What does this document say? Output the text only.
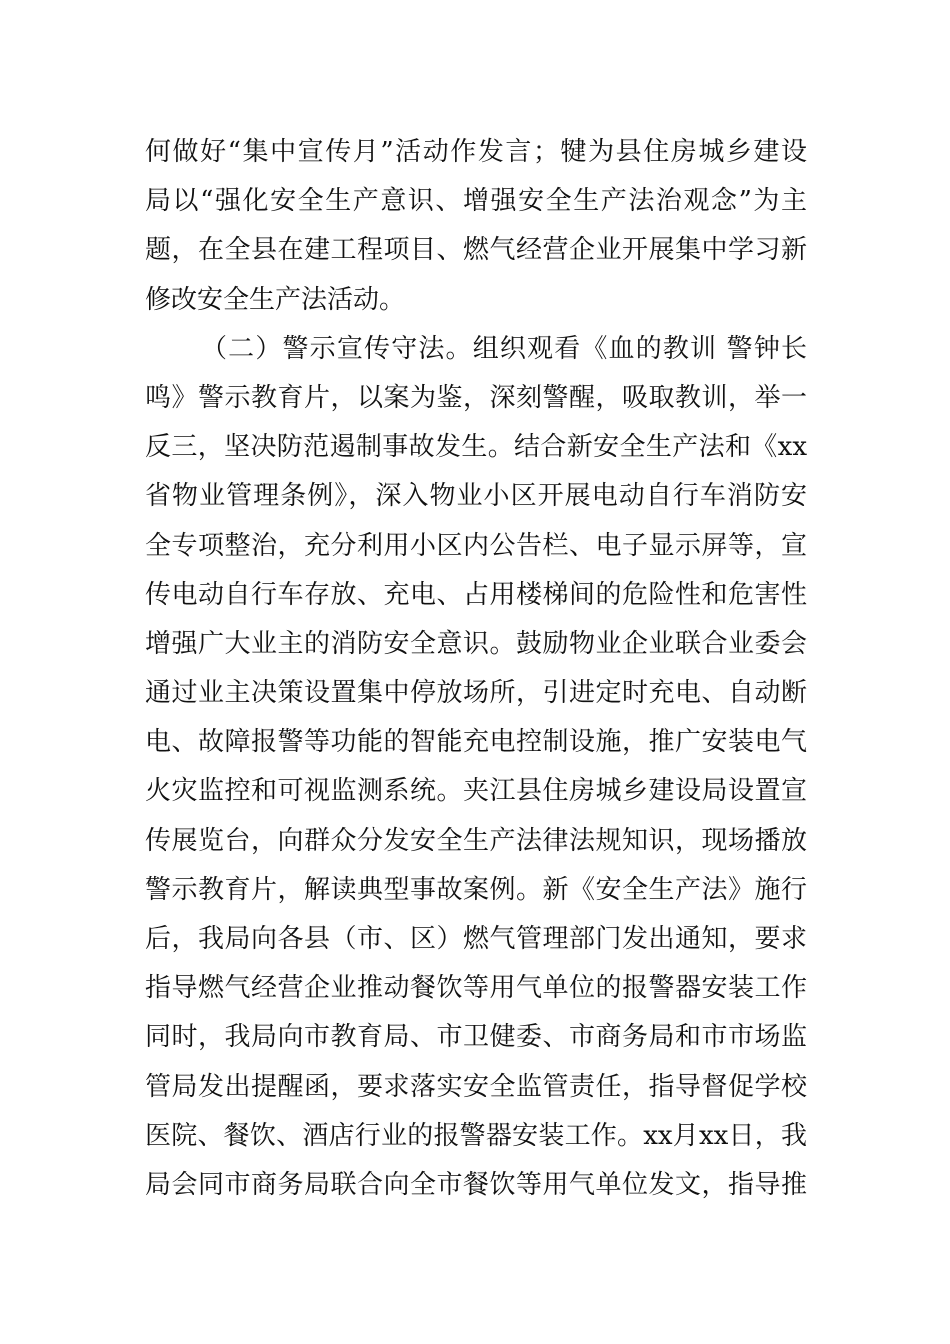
何做好“集中宣传月”活动作发言；犍为县住房城乡建设
局以“强化安全生产意识、增强安全生产法治观念”为主
题，在全县在建工程项目、燃气经营企业开展集中学习新
修改安全生产法活动。
（二）警示宣传守法。组织观看《血的教训 警钟长
鸣》警示教育片，以案为鉴，深刻警醒，吸取教训，举一
反三，坚决防范遏制事故发生。结合新安全生产法和《xx
省物业管理条例》，深入物业小区开展电动自行车消防安
全专项整治，充分利用小区内公告栏、电子显示屏等，宣
传电动自行车存放、充电、占用楼梯间的危险性和危害性
增强广大业主的消防安全意识。鼓励物业企业联合业委会
通过业主决策设置集中停放场所，引进定时充电、自动断
电、故障报警等功能的智能充电控制设施，推广安装电气
火灾监控和可视监测系统。夹江县住房城乡建设局设置宣
传展览台，向群众分发安全生产法律法规知识，现场播放
警示教育片，解读典型事故案例。新《安全生产法》施行
后，我局向各县（市、区）燃气管理部门发出通知，要求
指导燃气经营企业推动餐饮等用气单位的报警器安装工作
同时，我局向市教育局、市卫健委、市商务局和市市场监
管局发出提醒函，要求落实安全监管责任，指导督促学校
医院、餐饮、酒店行业的报警器安装工作。xx月xx日，我
局会同市商务局联合向全市餐饮等用气单位发文，指导推
